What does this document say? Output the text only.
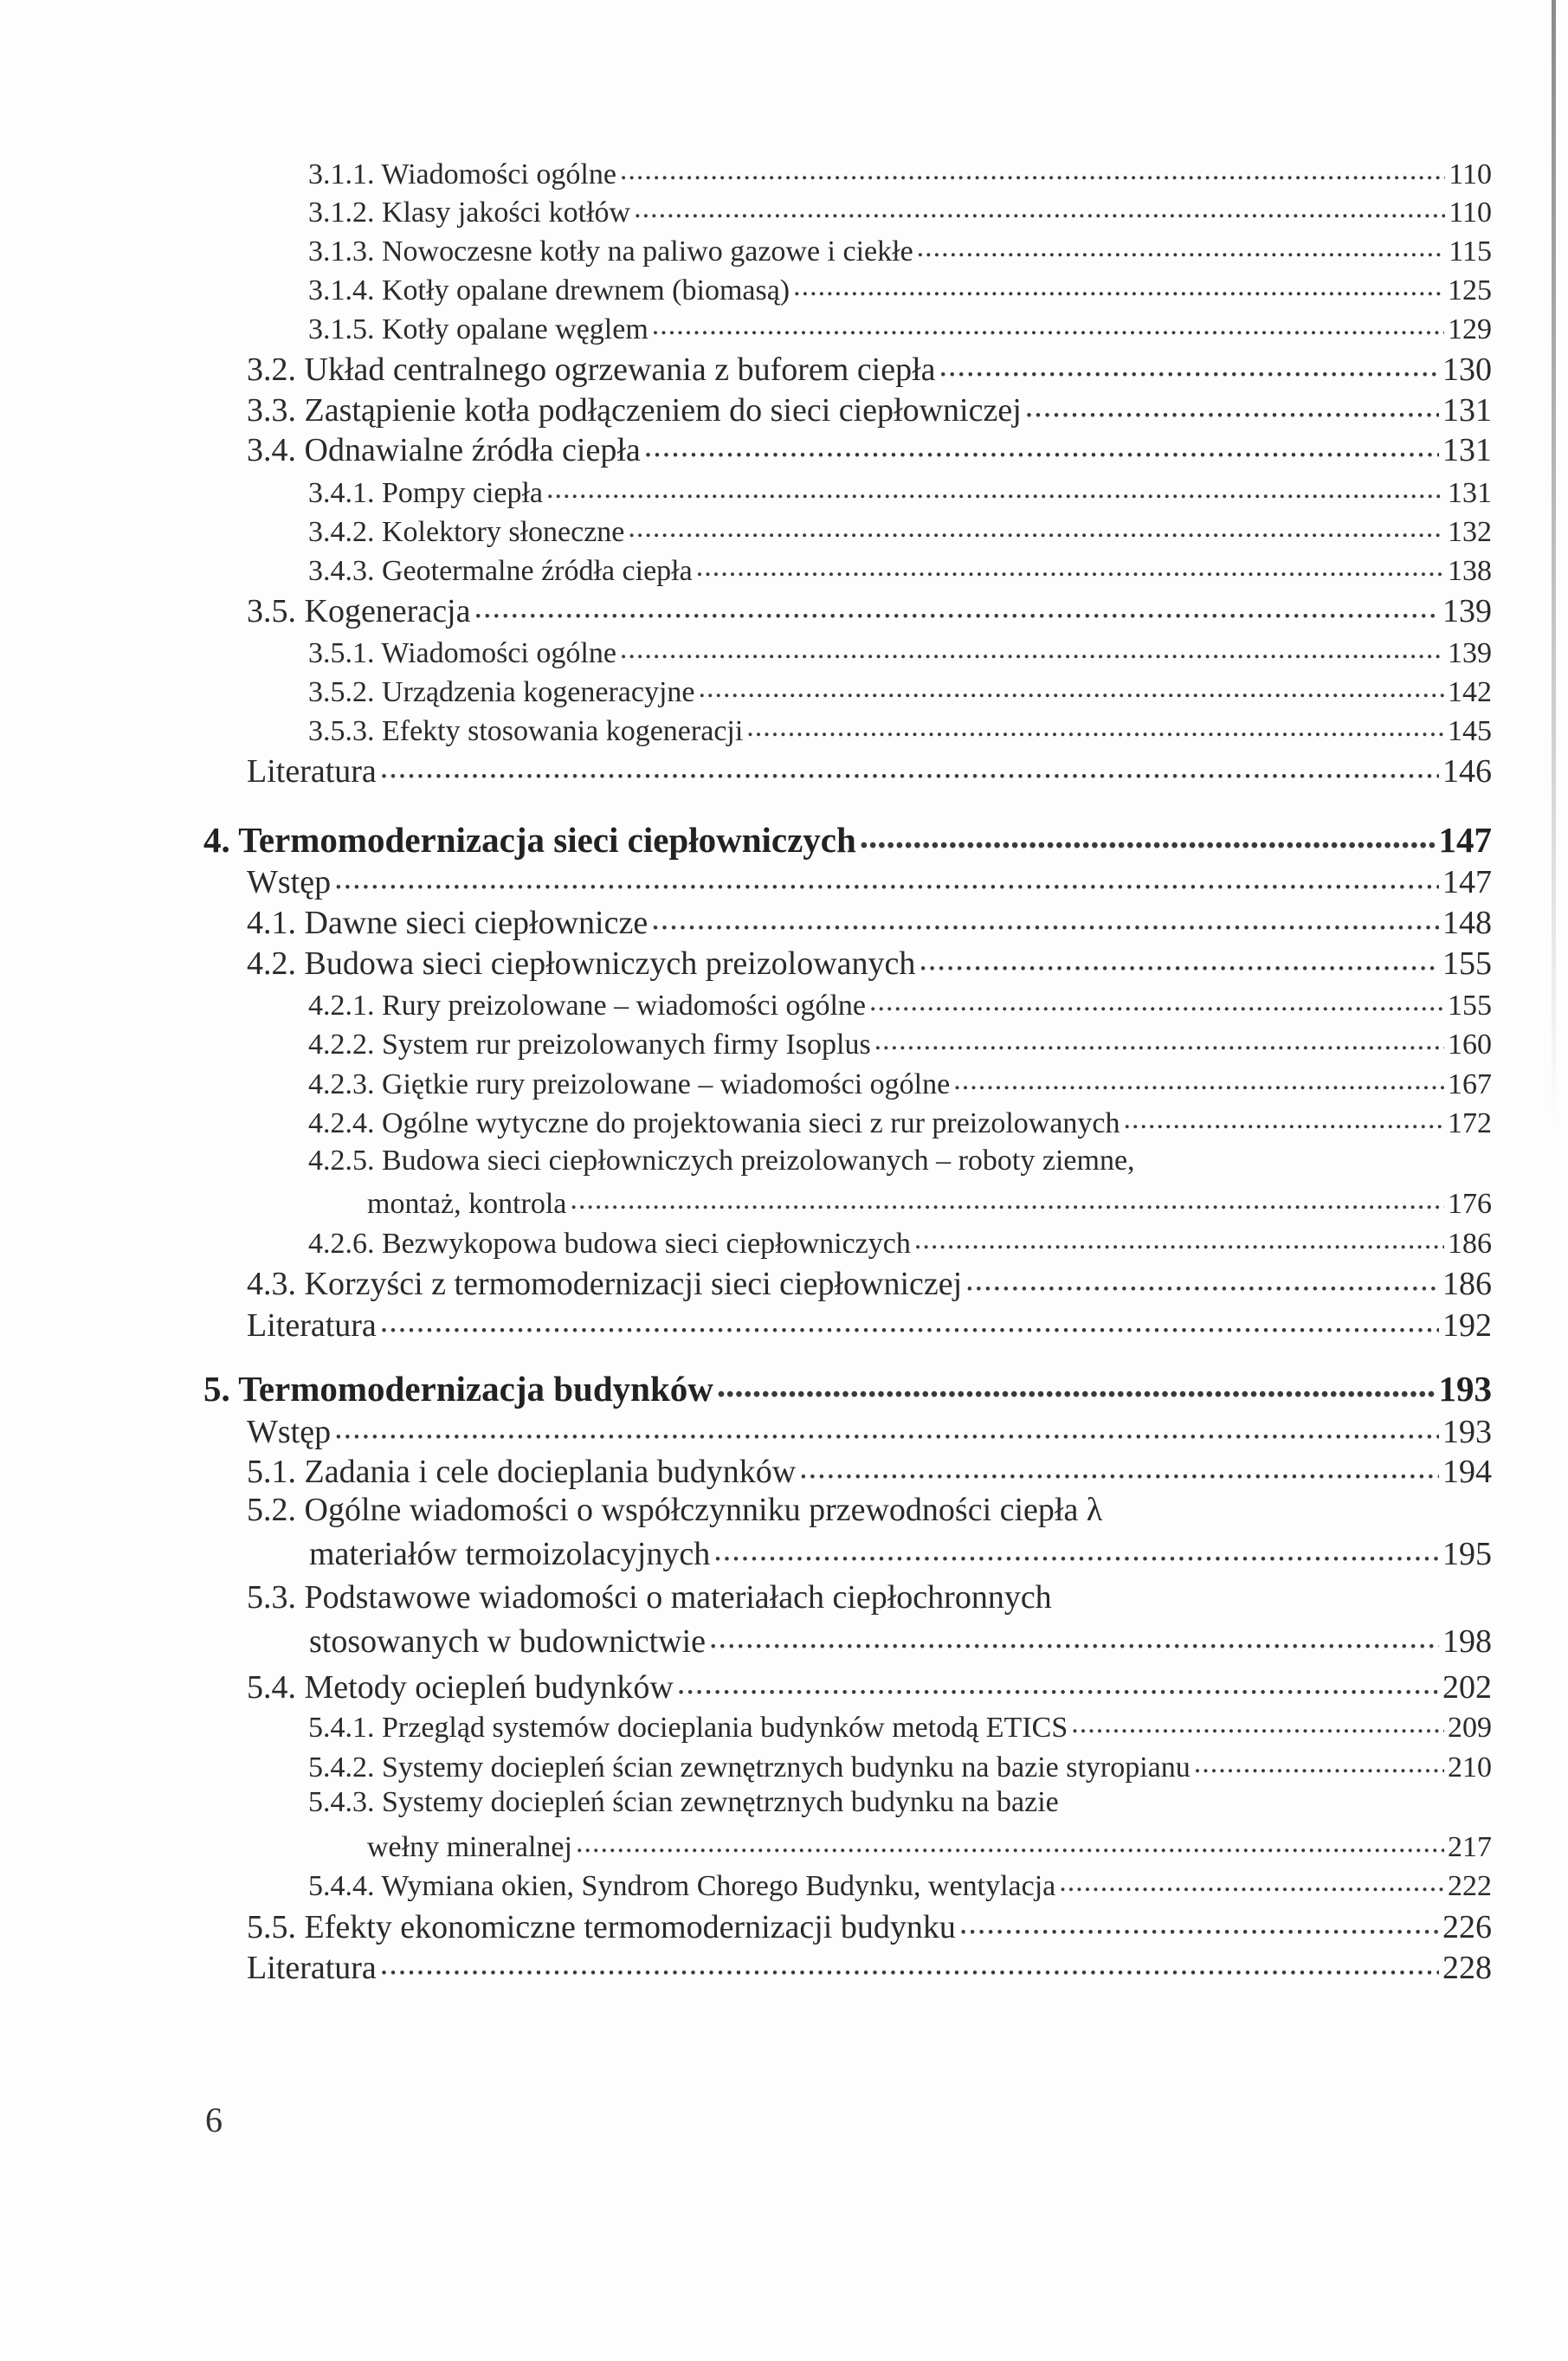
3.1.1. Wiadomości ogólne .....	110
3.1.2. Klasy jakości kotłów .....	110
3.1.3. Nowoczesne kotły na paliwo gazowe i ciekłe .....	115
3.1.4. Kotły opalane drewnem (biomasą) .....	125
3.1.5. Kotły opalane węglem .....	129
3.2. Układ centralnego ogrzewania z buforem ciepła .....	130
3.3. Zastąpienie kotła podłączeniem do sieci ciepłowniczej .....	131
3.4. Odnawialne źródła ciepła .....	131
3.4.1. Pompy ciepła .....	131
3.4.2. Kolektory słoneczne .....	132
3.4.3. Geotermalne źródła ciepła .....	138
3.5. Kogeneracja .....	139
3.5.1. Wiadomości ogólne .....	139
3.5.2. Urządzenia kogeneracyjne .....	142
3.5.3. Efekty stosowania kogeneracji .....	145
Literatura .....	146
4. Termomodernizacja sieci ciepłowniczych .....	147
Wstęp .....	147
4.1. Dawne sieci ciepłownicze .....	148
4.2. Budowa sieci ciepłowniczych preizolowanych .....	155
4.2.1. Rury preizolowane – wiadomości ogólne .....	155
4.2.2. System rur preizolowanych firmy Isoplus .....	160
4.2.3. Giętkie rury preizolowane – wiadomości ogólne .....	167
4.2.4. Ogólne wytyczne do projektowania sieci z rur preizolowanych .....	172
4.2.5. Budowa sieci ciepłowniczych preizolowanych – roboty ziemne,
montaż, kontrola .....	176
4.2.6. Bezwykopowa budowa sieci ciepłowniczych .....	186
4.3. Korzyści z termomodernizacji sieci ciepłowniczej .....	186
Literatura .....	192
5. Termomodernizacja budynków .....	193
Wstęp .....	193
5.1. Zadania i cele docieplania budynków .....	194
5.2. Ogólne wiadomości o współczynniku przewodności ciepła λ
materiałów termoizolacyjnych .....	195
5.3. Podstawowe wiadomości o materiałach ciepłochronnych
stosowanych w budownictwie .....	198
5.4. Metody ociepleń budynków .....	202
5.4.1. Przegląd systemów docieplania budynków metodą ETICS .....	209
5.4.2. Systemy dociepleń ścian zewnętrznych budynku na bazie styropianu .....	210
5.4.3. Systemy dociepleń ścian zewnętrznych budynku na bazie
wełny mineralnej .....	217
5.4.4. Wymiana okien, Syndrom Chorego Budynku, wentylacja .....	222
5.5. Efekty ekonomiczne termomodernizacji budynku .....	226
Literatura .....	228
6
